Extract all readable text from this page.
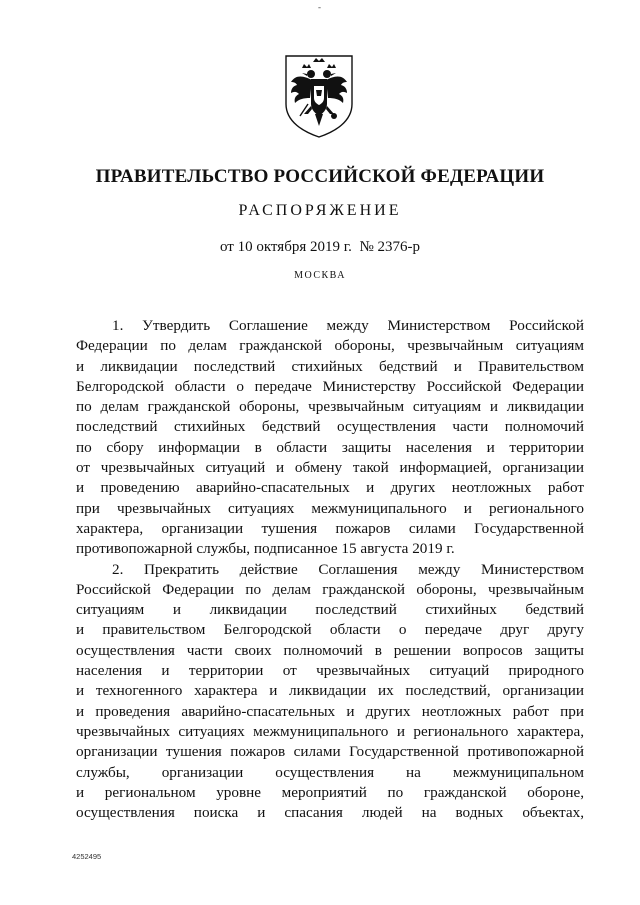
-
ПРАВИТЕЛЬСТВО РОССИЙСКОЙ ФЕДЕРАЦИИ
РАСПОРЯЖЕНИЕ
от 10 октября 2019 г. № 2376-р
МОСКВА
1. Утвердить Соглашение между Министерством Российской
Федерации по делам гражданской обороны, чрезвычайным ситуациям
и ликвидации последствий стихийных бедствий и Правительством
Белгородской области о передаче Министерству Российской Федерации
по делам гражданской обороны, чрезвычайным ситуациям и ликвидации
последствий стихийных бедствий осуществления части полномочий
по сбору информации в области защиты населения и территории
от чрезвычайных ситуаций и обмену такой информацией, организации
и проведению аварийно-спасательных и других неотложных работ
при чрезвычайных ситуациях межмуниципального и регионального
характера, организации тушения пожаров силами Государственной
противопожарной службы, подписанное 15 августа 2019 г.
2. Прекратить действие Соглашения между Министерством
Российской Федерации по делам гражданской обороны, чрезвычайным
ситуациям и ликвидации последствий стихийных бедствий
и правительством Белгородской области о передаче друг другу
осуществления части своих полномочий в решении вопросов защиты
населения и территории от чрезвычайных ситуаций природного
и техногенного характера и ликвидации их последствий, организации
и проведения аварийно-спасательных и других неотложных работ при
чрезвычайных ситуациях межмуниципального и регионального характера,
организации тушения пожаров силами Государственной противопожарной
службы, организации осуществления на межмуниципальном
и региональном уровне мероприятий по гражданской обороне,
осуществления поиска и спасания людей на водных объектах,
4252495
